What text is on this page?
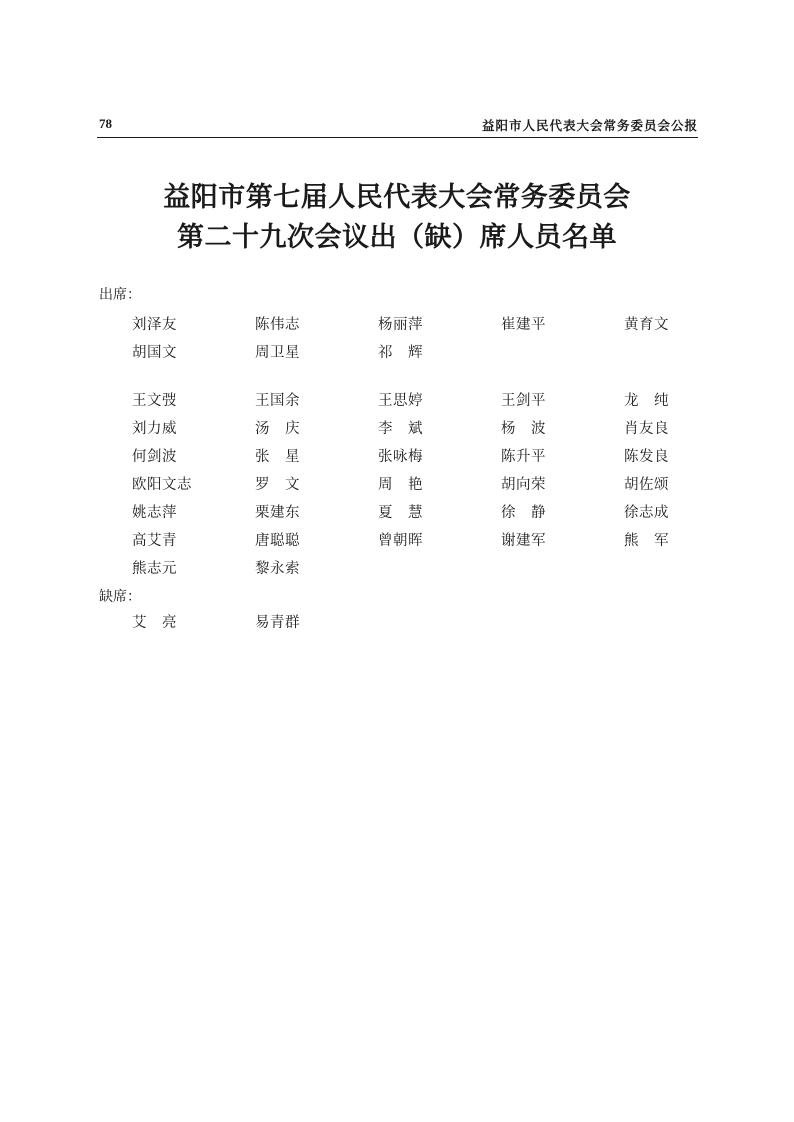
78	益阳市人民代表大会常务委员会公报
益阳市第七届人民代表大会常务委员会
第二十九次会议出（缺）席人员名单
出席：
刘泽友	陈伟志	杨丽萍	崔建平	黄育文
胡国文	周卫星	祁　辉
王文弢	王国余	王思婷	王剑平	龙　纯
刘力威	汤　庆	李　斌	杨　波	肖友良
何剑波	张　星	张咏梅	陈升平	陈发良
欧阳文志	罗　文	周　艳	胡向荣	胡佐颂
姚志萍	栗建东	夏　慧	徐　静	徐志成
高艾青	唐聪聪	曾朝晖	谢建军	熊　军
熊志元	黎永索
缺席：
艾　亮	易青群
